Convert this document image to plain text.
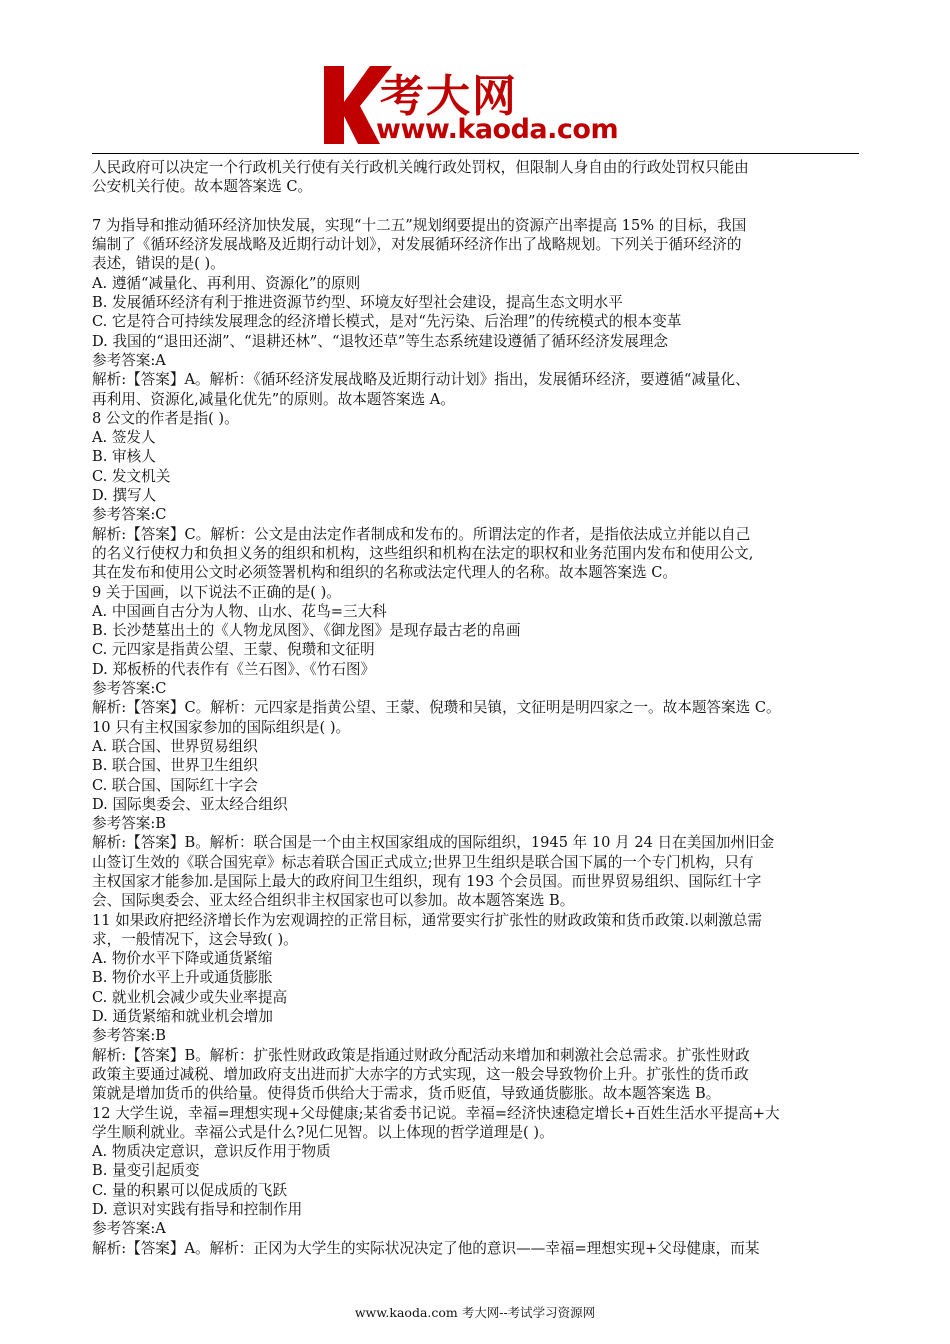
考大网
www.kaoda.com
人民政府可以决定一个行政机关行使有关行政机关魄行政处罚权，但限制人身自由的行政处罚权只能由
公安机关行使。故本题答案选 C。
7 为指导和推动循环经济加快发展，实现“十二五”规划纲要提出的资源产出率提高 15% 的目标，我国
编制了《循环经济发展战略及近期行动计划》，对发展循环经济作出了战略规划。下列关于循环经济的
表述，错误的是( )。
A. 遵循“减量化、再利用、资源化”的原则
B. 发展循环经济有利于推进资源节约型、环境友好型社会建设，提高生态文明水平
C. 它是符合可持续发展理念的经济增长模式，是对“先污染、后治理”的传统模式的根本变革
D. 我国的“退田还湖”、“退耕还林”、“退牧还草”等生态系统建设遵循了循环经济发展理念
参考答案:A
解析:【答案】A。解析：《循环经济发展战略及近期行动计划》指出，发展循环经济，要遵循“减量化、
再利用、资源化,减量化优先”的原则。故本题答案选 A。
8 公文的作者是指( )。
A. 签发人
B. 审核人
C. 发文机关
D. 撰写人
参考答案:C
解析:【答案】C。解析：公文是由法定作者制成和发布的。所谓法定的作者，是指依法成立并能以自己
的名义行使权力和负担义务的组织和机构，这些组织和机构在法定的职权和业务范围内发布和使用公文,
其在发布和使用公文时必须签署机构和组织的名称或法定代理人的名称。故本题答案选 C。
9 关于国画，以下说法不正确的是( )。
A. 中国画自古分为人物、山水、花鸟=三大科
B. 长沙楚墓出土的《人物龙凤图》、《御龙图》是现存最古老的帛画
C. 元四家是指黄公望、王蒙、倪瓒和文征明
D. 郑板桥的代表作有《兰石图》、《竹石图》
参考答案:C
解析:【答案】C。解析：元四家是指黄公望、王蒙、倪瓒和吴镇，文征明是明四家之一。故本题答案选 C。
10 只有主权国家参加的国际组织是( )。
A. 联合国、世界贸易组织
B. 联合国、世界卫生组织
C. 联合国、国际红十字会
D. 国际奥委会、亚太经合组织
参考答案:B
解析:【答案】B。解析：联合国是一个由主权国家组成的国际组织，1945 年 10 月 24 日在美国加州旧金
山签订生效的《联合国宪章》标志着联合国正式成立;世界卫生组织是联合国下属的一个专门机构，只有
主权国家才能参加.是国际上最大的政府间卫生组织，现有 193 个会员国。而世界贸易组织、国际红十字
会、国际奥委会、亚太经合组织非主权国家也可以参加。故本题答案选 B。
11 如果政府把经济增长作为宏观调控的正常目标，通常要实行扩张性的财政政策和货币政策.以刺激总需
求，一般情况下，这会导致( )。
A. 物价水平下降或通货紧缩
B. 物价水平上升或通货膨胀
C. 就业机会减少或失业率提高
D. 通货紧缩和就业机会增加
参考答案:B
解析:【答案】B。解析：扩张性财政政策是指通过财政分配活动来增加和刺激社会总需求。扩张性财政
政策主要通过减税、增加政府支出进而扩大赤字的方式实现，这一般会导致物价上升。扩张性的货币政
策就是增加货币的供给量。使得货币供给大于需求，货币贬值，导致通货膨胀。故本题答案选 B。
12 大学生说，幸福=理想实现+父母健康;某省委书记说。幸福=经济快速稳定增长+百姓生活水平提高+大
学生顺利就业。幸福公式是什么?见仁见智。以上体现的哲学道理是( )。
A. 物质决定意识，意识反作用于物质
B. 量变引起质变
C. 量的积累可以促成质的飞跃
D. 意识对实践有指导和控制作用
参考答案:A
解析:【答案】A。解析：正冈为大学生的实际状况决定了他的意识——幸福=理想实现+父母健康，而某
www.kaoda.com 考大网--考试学习资源网
